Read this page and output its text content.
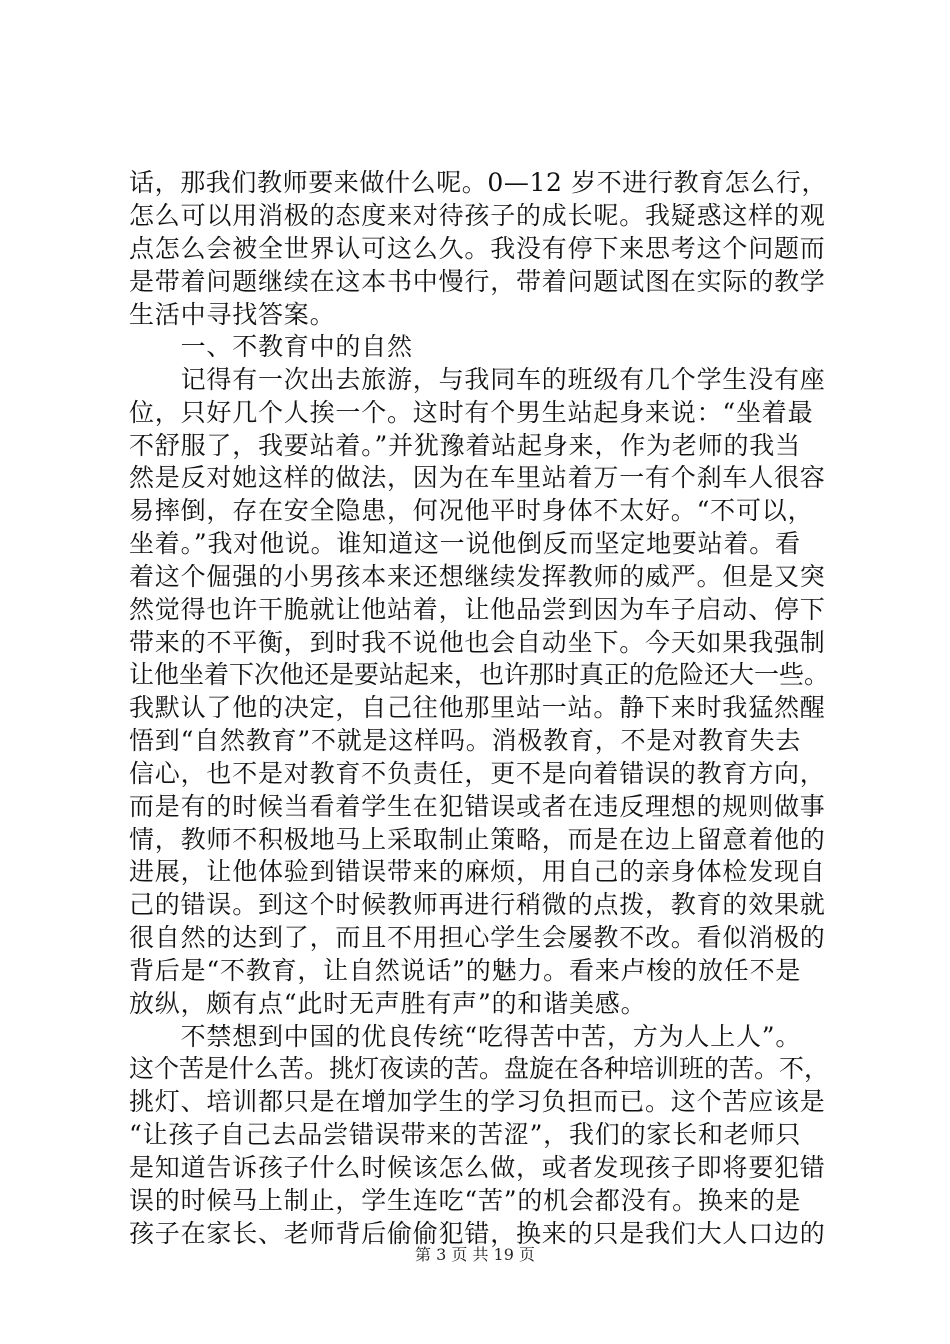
话，那我们教师要来做什么呢。0—12 岁不进行教育怎么行，
怎么可以用消极的态度来对待孩子的成长呢。我疑惑这样的观
点怎么会被全世界认可这么久。我没有停下来思考这个问题而
是带着问题继续在这本书中慢行，带着问题试图在实际的教学
生活中寻找答案。
　　一、不教育中的自然
　　记得有一次出去旅游，与我同车的班级有几个学生没有座
位，只好几个人挨一个。这时有个男生站起身来说：“坐着最
不舒服了，我要站着。”并犹豫着站起身来，作为老师的我当
然是反对她这样的做法，因为在车里站着万一有个刹车人很容
易摔倒，存在安全隐患，何况他平时身体不太好。“不可以，
坐着。”我对他说。谁知道这一说他倒反而坚定地要站着。看
着这个倔强的小男孩本来还想继续发挥教师的威严。但是又突
然觉得也许干脆就让他站着，让他品尝到因为车子启动、停下
带来的不平衡，到时我不说他也会自动坐下。今天如果我强制
让他坐着下次他还是要站起来，也许那时真正的危险还大一些。
我默认了他的决定，自己往他那里站一站。静下来时我猛然醒
悟到“自然教育”不就是这样吗。消极教育，不是对教育失去
信心，也不是对教育不负责任，更不是向着错误的教育方向，
而是有的时候当看着学生在犯错误或者在违反理想的规则做事
情，教师不积极地马上采取制止策略，而是在边上留意着他的
进展，让他体验到错误带来的麻烦，用自己的亲身体检发现自
己的错误。到这个时候教师再进行稍微的点拨，教育的效果就
很自然的达到了，而且不用担心学生会屡教不改。看似消极的
背后是“不教育，让自然说话”的魅力。看来卢梭的放任不是
放纵，颇有点“此时无声胜有声”的和谐美感。
　　不禁想到中国的优良传统“吃得苦中苦，方为人上人”。
这个苦是什么苦。挑灯夜读的苦。盘旋在各种培训班的苦。不，
挑灯、培训都只是在增加学生的学习负担而已。这个苦应该是
“让孩子自己去品尝错误带来的苦涩”，我们的家长和老师只
是知道告诉孩子什么时候该怎么做，或者发现孩子即将要犯错
误的时候马上制止，学生连吃“苦”的机会都没有。换来的是
孩子在家长、老师背后偷偷犯错，换来的只是我们大人口边的
第 3 页 共 19 页
